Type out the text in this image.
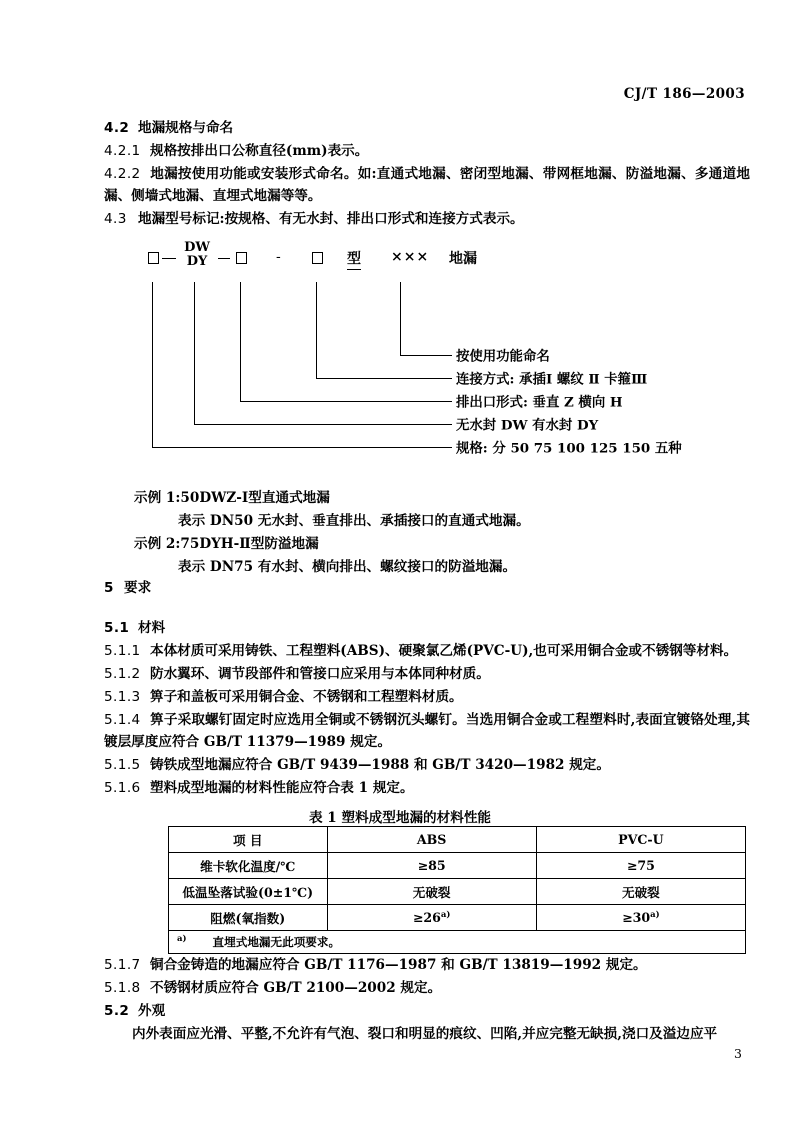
CJ/T 186—2003

4.2 地漏规格与命名

4.2.1 规格按排出口公称直径(mm)表示。

4.2.2 地漏按使用功能或安装形式命名。如:直通式地漏、密闭型地漏、带网框地漏、防溢地漏、多通道地漏、侧墙式地漏、直埋式地漏等等。

4.3 地漏型号标记:按规格、有无水封、排出口形式和连接方式表示。

DW DY	-	型 ××× 地漏
按使用功能命名
连接方式: 承插Ⅰ 螺纹 Ⅱ 卡箍Ⅲ
排出口形式: 垂直 Z 横向 H
无水封 DW 有水封 DY
规格: 分 50 75 100 125 150 五种

示例 1:50DWZ-Ⅰ型直通式地漏

表示 DN50 无水封、垂直排出、承插接口的直通式地漏。

示例 2:75DYH-Ⅱ型防溢地漏

表示 DN75 有水封、横向排出、螺纹接口的防溢地漏。

5 要求

5.1 材料

5.1.1 本体材质可采用铸铁、工程塑料(ABS)、硬聚氯乙烯(PVC-U),也可采用铜合金或不锈钢等材料。

5.1.2 防水翼环、调节段部件和管接口应采用与本体同种材质。

5.1.3 箅子和盖板可采用铜合金、不锈钢和工程塑料材质。

5.1.4 箅子采取螺钉固定时应选用全铜或不锈钢沉头螺钉。当选用铜合金或工程塑料时,表面宜镀铬处理,其镀层厚度应符合 GB/T 11379—1989 规定。

5.1.5 铸铁成型地漏应符合 GB/T 9439—1988 和 GB/T 3420—1982 规定。

5.1.6 塑料成型地漏的材料性能应符合表 1 规定。

表 1 塑料成型地漏的材料性能
项 目	ABS	PVC-U
维卡软化温度/℃	≥85	≥75
低温坠落试验(0±1℃)	无破裂	无破裂
阻燃(氧指数)	$\ge 26^{a)}$	$\ge 30^{a)}$
$^{a)}$ 直埋式地漏无此项要求。		

5.1.7 铜合金铸造的地漏应符合 GB/T 1176—1987 和 GB/T 13819—1992 规定。

5.1.8 不锈钢材质应符合 GB/T 2100—2002 规定。

5.2 外观

内外表面应光滑、平整,不允许有气泡、裂口和明显的痕纹、凹陷,并应完整无缺损,浇口及溢边应平

3
